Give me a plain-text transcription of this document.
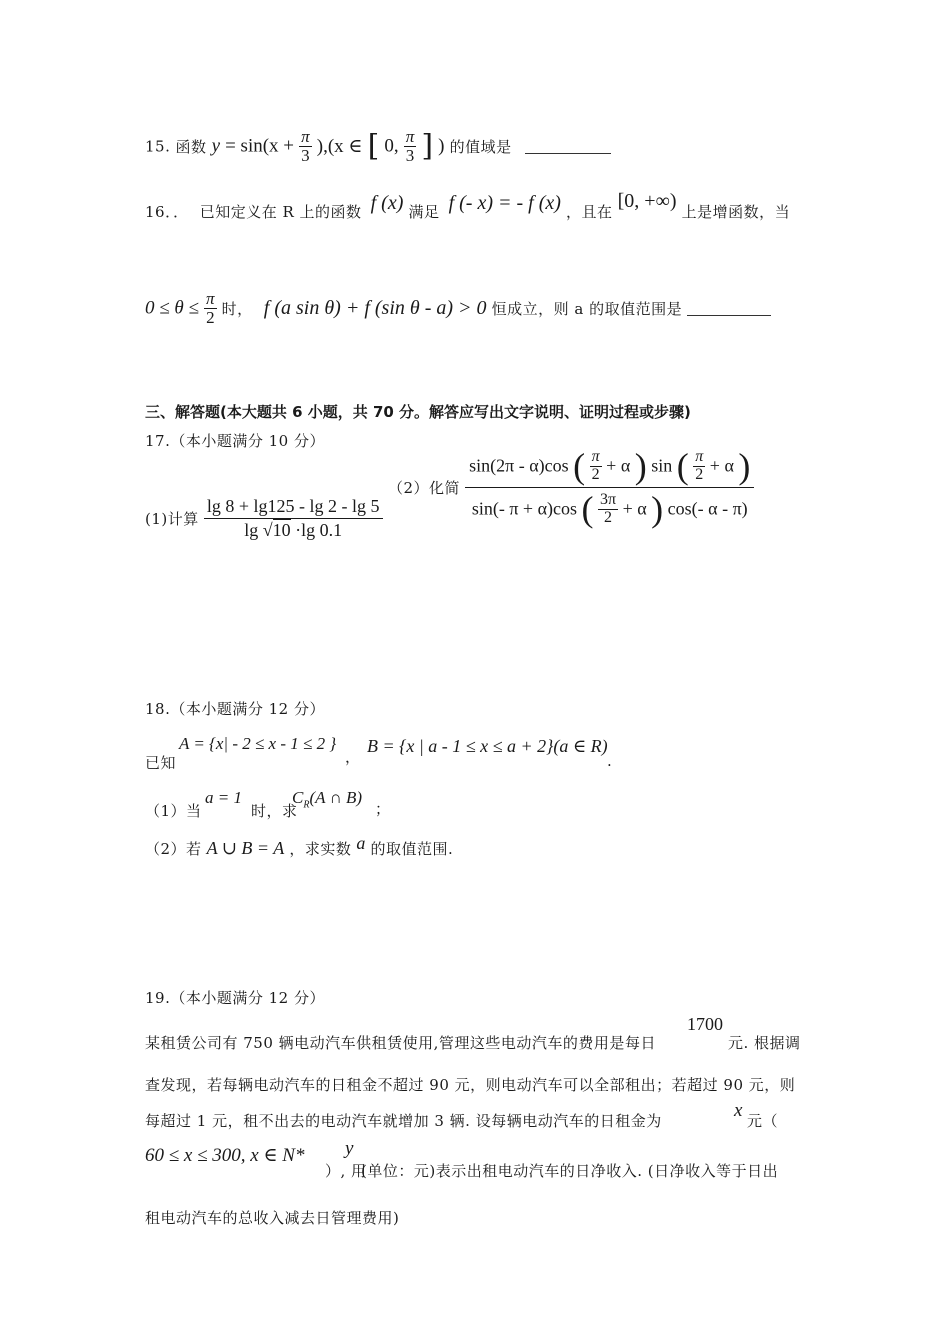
15. 函数 $y = \sin(x + \frac{\pi}{3} ),(x$ ∈ [ 0, $\frac{\pi}{3}$ ] ) 的值域是
16．． 已知定义在 R 上的函数 f (x) 满足 f (- x) = - f (x) ，且在 [0, +∞) 上是增函数，当
$0 \le \theta \le \frac{\pi}{2}$ 时， f (a sin θ) + f (sin θ - a) > 0 恒成立，则 a 的取值范围是
三、解答题(本大题共 6 小题，共 70 分。解答应写出文字说明、证明过程或步骤)
17.（本小题满分 10 分）
(1)计算 $\frac{\lg 8 + \lg 125 - \lg 2 - \lg 5}{\lg √10 \cdot\lg 0.1}$
（2）化简
sin(2π - α)cos ( $\frac{\pi}{2} + \alpha$ ) sin ( $\frac{\pi}{2} + \alpha$ )
sin(- π + α)cos ( $\frac{3\pi}{2} + \alpha$ ) cos(- α - π)
18.（本小题满分 12 分）
已知
A = {x| - 2 ≤ x - 1 ≤ 2 }
，
B = {x | a - 1 ≤ x ≤ a + 2}(a ∈ R)
.
（1）当
a = 1
时，求
$C_R(A$ ∩ B)
；
（2）若 A ∪ B = A ，求实数 a 的取值范围.
19.（本小题满分 12 分）
某租赁公司有 750 辆电动汽车供租赁使用,管理这些电动汽车的费用是每日
1700
元. 根据调
查发现，若每辆电动汽车的日租金不超过 90 元，则电动汽车可以全部租出；若超过 90 元，则
每超过 1 元，租不出去的电动汽车就增加 3 辆. 设每辆电动汽车的日租金为	x 元（
60 ≤ x ≤ 300, x ∈ N*
）, 用
y
(单位：元)表示出租电动汽车的日净收入. (日净收入等于日出
租电动汽车的总收入减去日管理费用)
